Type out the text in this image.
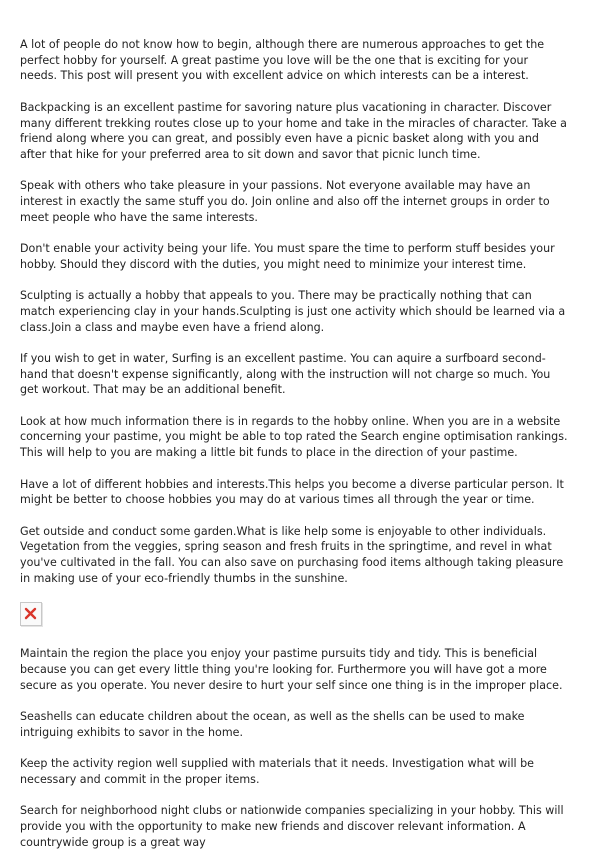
A lot of people do not know how to begin, although there are numerous approaches to get the perfect hobby for yourself. A great pastime you love will be the one that is exciting for your needs. This post will present you with excellent advice on which interests can be a interest.

Backpacking is an excellent pastime for savoring nature plus vacationing in character. Discover many different trekking routes close up to your home and take in the miracles of character. Take a friend along where you can great, and possibly even have a picnic basket along with you and after that hike for your preferred area to sit down and savor that picnic lunch time.

Speak with others who take pleasure in your passions. Not everyone available may have an interest in exactly the same stuff you do. Join online and also off the internet groups in order to meet people who have the same interests.

Don't enable your activity being your life. You must spare the time to perform stuff besides your hobby. Should they discord with the duties, you might need to minimize your interest time.

Sculpting is actually a hobby that appeals to you. There may be practically nothing that can match experiencing clay in your hands.Sculpting is just one activity which should be learned via a class.Join a class and maybe even have a friend along.

If you wish to get in water, Surfing is an excellent pastime. You can aquire a surfboard second-hand that doesn't expense significantly, along with the instruction will not charge so much. You get workout. That may be an additional benefit.

Look at how much information there is in regards to the hobby online. When you are in a website concerning your pastime, you might be able to top rated the Search engine optimisation rankings. This will help to you are making a little bit funds to place in the direction of your pastime.

Have a lot of different hobbies and interests.This helps you become a diverse particular person. It might be better to choose hobbies you may do at various times all through the year or time.

Get outside and conduct some garden.What is like help some is enjoyable to other individuals. Vegetation from the veggies, spring season and fresh fruits in the springtime, and revel in what you've cultivated in the fall. You can also save on purchasing food items although taking pleasure in making use of your eco-friendly thumbs in the sunshine.

Maintain the region the place you enjoy your pastime pursuits tidy and tidy. This is beneficial because you can get every little thing you're looking for. Furthermore you will have got a more secure as you operate. You never desire to hurt your self since one thing is in the improper place.

Seashells can educate children about the ocean, as well as the shells can be used to make intriguing exhibits to savor in the home.

Keep the activity region well supplied with materials that it needs. Investigation what will be necessary and commit in the proper items.

Search for neighborhood night clubs or nationwide companies specializing in your hobby. This will provide you with the opportunity to make new friends and discover relevant information. A countrywide group is a great way
